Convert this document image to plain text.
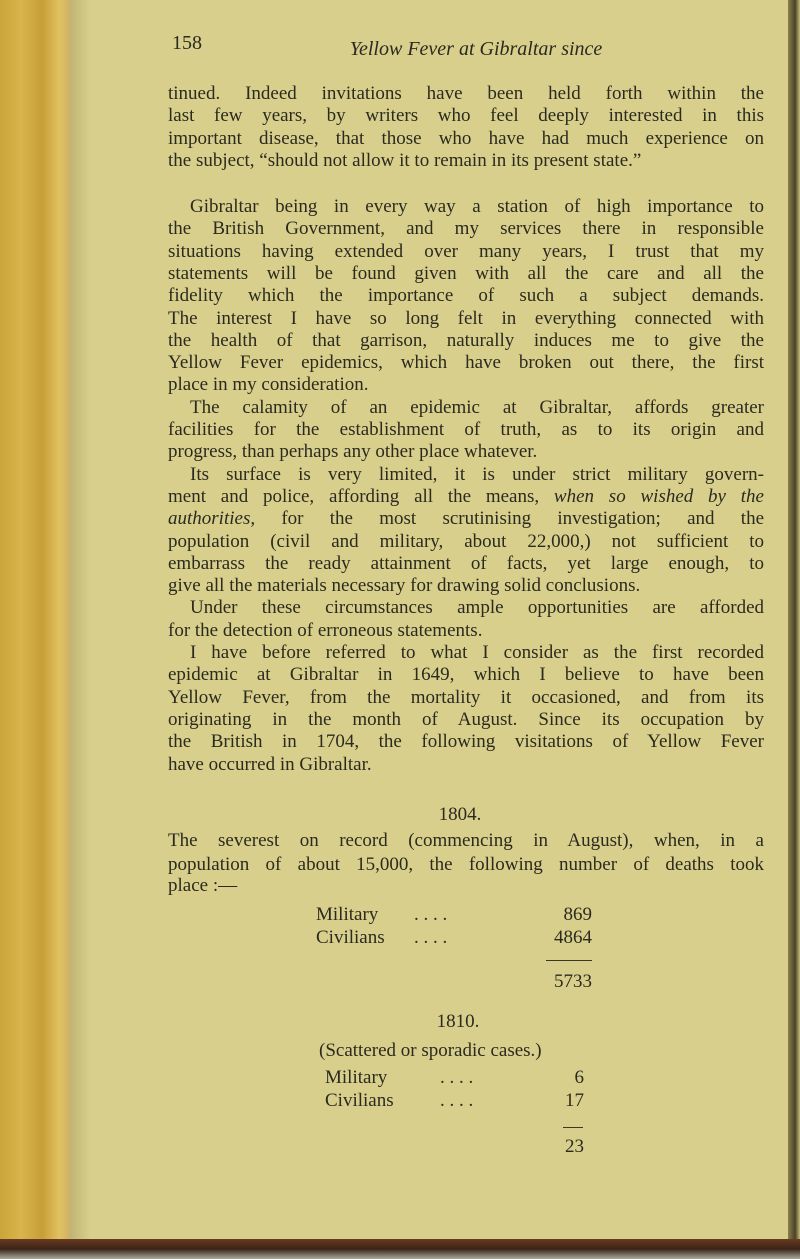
158	Yellow Fever at Gibraltar since
tinued. Indeed invitations have been held forth within the
last few years, by writers who feel deeply interested in this
important disease, that those who have had much experience on
the subject, “should not allow it to remain in its present state.”
Gibraltar being in every way a station of high importance to
the British Government, and my services there in responsible
situations having extended over many years, I trust that my
statements will be found given with all the care and all the
fidelity which the importance of such a subject demands.
The interest I have so long felt in everything connected with
the health of that garrison, naturally induces me to give the
Yellow Fever epidemics, which have broken out there, the first
place in my consideration.
The calamity of an epidemic at Gibraltar, affords greater
facilities for the establishment of truth, as to its origin and
progress, than perhaps any other place whatever.
Its surface is very limited, it is under strict military govern-
ment and police, affording all the means, when so wished by the
authorities, for the most scrutinising investigation; and the
population (civil and military, about 22,000,) not sufficient to
embarrass the ready attainment of facts, yet large enough, to
give all the materials necessary for drawing solid conclusions.
Under these circumstances ample opportunities are afforded
for the detection of erroneous statements.
I have before referred to what I consider as the first recorded
epidemic at Gibraltar in 1649, which I believe to have been
Yellow Fever, from the mortality it occasioned, and from its
originating in the month of August. Since its occupation by
the British in 1704, the following visitations of Yellow Fever
have occurred in Gibraltar.
1804.
The severest on record (commencing in August), when, in a
population of about 15,000, the following number of deaths took
place :—
Military . . . .	869
Civilians . . . .	4864
5733
1810.
(Scattered or sporadic cases.)
Military	. . . .	6
Civilians . . . .	17
23
